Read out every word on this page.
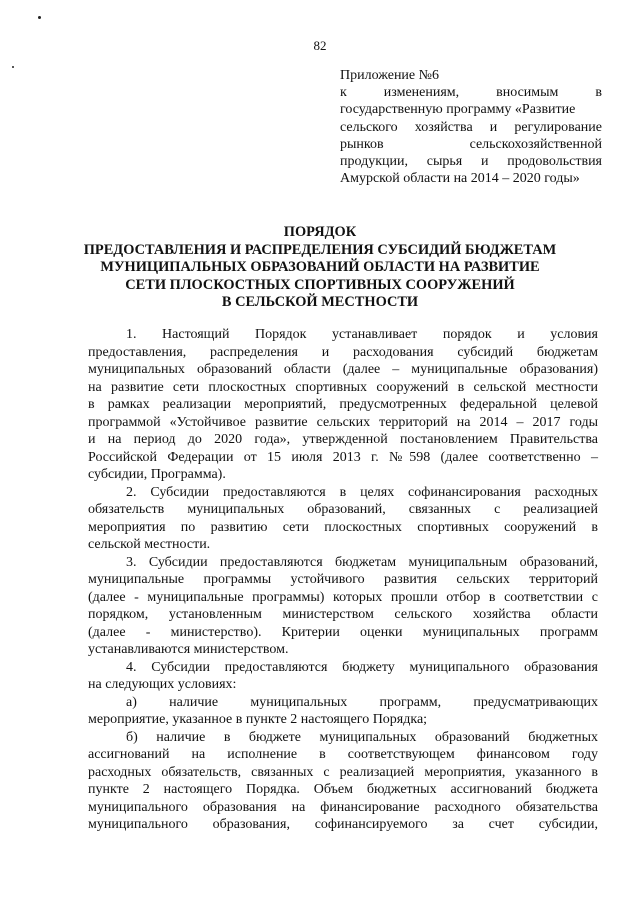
82
Приложение №6
к изменениям, вносимым в
государственную программу «Развитие
сельского хозяйства и регулирование
рынков сельскохозяйственной
продукции, сырья и продовольствия
Амурской области на 2014 – 2020 годы»
ПОРЯДОК
ПРЕДОСТАВЛЕНИЯ И РАСПРЕДЕЛЕНИЯ СУБСИДИЙ БЮДЖЕТАМ
МУНИЦИПАЛЬНЫХ ОБРАЗОВАНИЙ ОБЛАСТИ НА РАЗВИТИЕ
СЕТИ ПЛОСКОСТНЫХ СПОРТИВНЫХ СООРУЖЕНИЙ
В СЕЛЬСКОЙ МЕСТНОСТИ
1. Настоящий Порядок устанавливает порядок и условия
предоставления, распределения и расходования субсидий бюджетам
муниципальных образований области (далее – муниципальные образования)
на развитие сети плоскостных спортивных сооружений в сельской местности
в рамках реализации мероприятий, предусмотренных федеральной целевой
программой «Устойчивое развитие сельских территорий на 2014 – 2017 годы
и на период до 2020 года», утвержденной постановлением Правительства
Российской Федерации от 15 июля 2013 г. №598 (далее соответственно –
субсидии, Программа).
2. Субсидии предоставляются в целях софинансирования расходных
обязательств муниципальных образований, связанных с реализацией
мероприятия по развитию сети плоскостных спортивных сооружений в
сельской местности.
3. Субсидии предоставляются бюджетам муниципальным образований,
муниципальные программы устойчивого развития сельских территорий
(далее - муниципальные программы) которых прошли отбор в соответствии с
порядком, установленным министерством сельского хозяйства области
(далее - министерство). Критерии оценки муниципальных программ
устанавливаются министерством.
4. Субсидии предоставляются бюджету муниципального образования
на следующих условиях:
а) наличие муниципальных программ, предусматривающих
мероприятие, указанное в пункте 2 настоящего Порядка;
б) наличие в бюджете муниципальных образований бюджетных
ассигнований на исполнение в соответствующем финансовом году
расходных обязательств, связанных с реализацией мероприятия, указанного в
пункте 2 настоящего Порядка. Объем бюджетных ассигнований бюджета
муниципального образования на финансирование расходного обязательства
муниципального образования, софинансируемого за счет субсидии,
